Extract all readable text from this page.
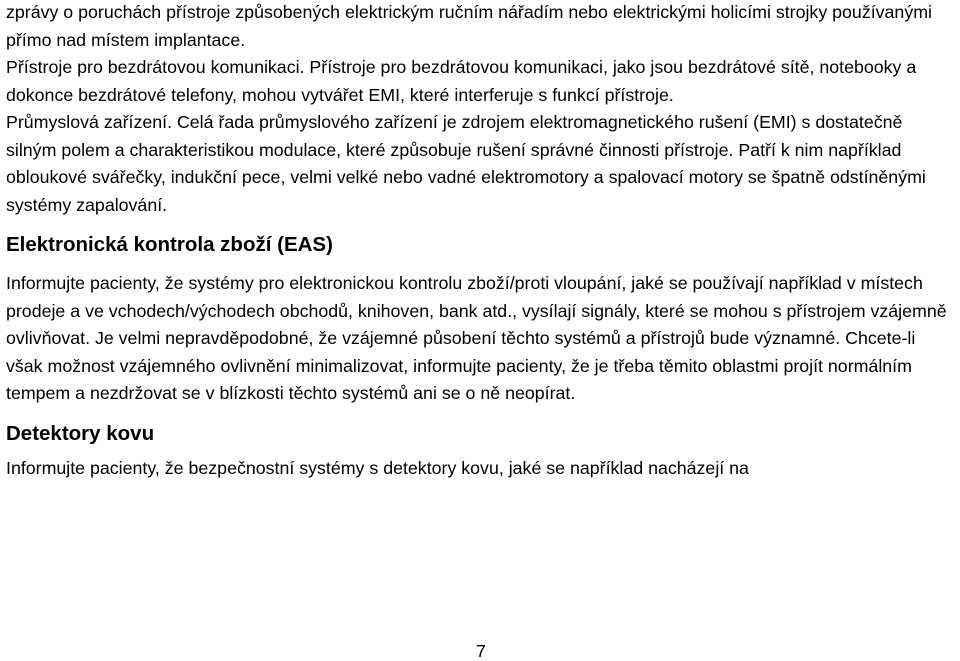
zprávy o poruchách přístroje způsobených elektrickým ručním nářadím nebo elektrickými holicími strojky používanými přímo nad místem implantace.

Přístroje pro bezdrátovou komunikaci. Přístroje pro bezdrátovou komunikaci, jako jsou bezdrátové sítě, notebooky a dokonce bezdrátové telefony, mohou vytvářet EMI, které interferuje s funkcí přístroje.

Průmyslová zařízení. Celá řada průmyslového zařízení je zdrojem elektromagnetického rušení (EMI) s dostatečně silným polem a charakteristikou modulace, které způsobuje rušení správné činnosti přístroje. Patří k nim například obloukové svářečky, indukční pece, velmi velké nebo vadné elektromotory a spalovací motory se špatně odstíněnými systémy zapalování.

Elektronická kontrola zboží (EAS)

Informujte pacienty, že systémy pro elektronickou kontrolu zboží/proti vloupání, jaké se používají například v místech prodeje a ve vchodech/východech obchodů, knihoven, bank atd., vysílají signály, které se mohou s přístrojem vzájemně ovlivňovat. Je velmi nepravděpodobné, že vzájemné působení těchto systémů a přístrojů bude významné. Chcete-li však možnost vzájemného ovlivnění minimalizovat, informujte pacienty, že je třeba těmito oblastmi projít normálním tempem a nezdržovat se v blízkosti těchto systémů ani se o ně neopírat.

Detektory kovu

Informujte pacienty, že bezpečnostní systémy s detektory kovu, jaké se například nacházejí na

7
